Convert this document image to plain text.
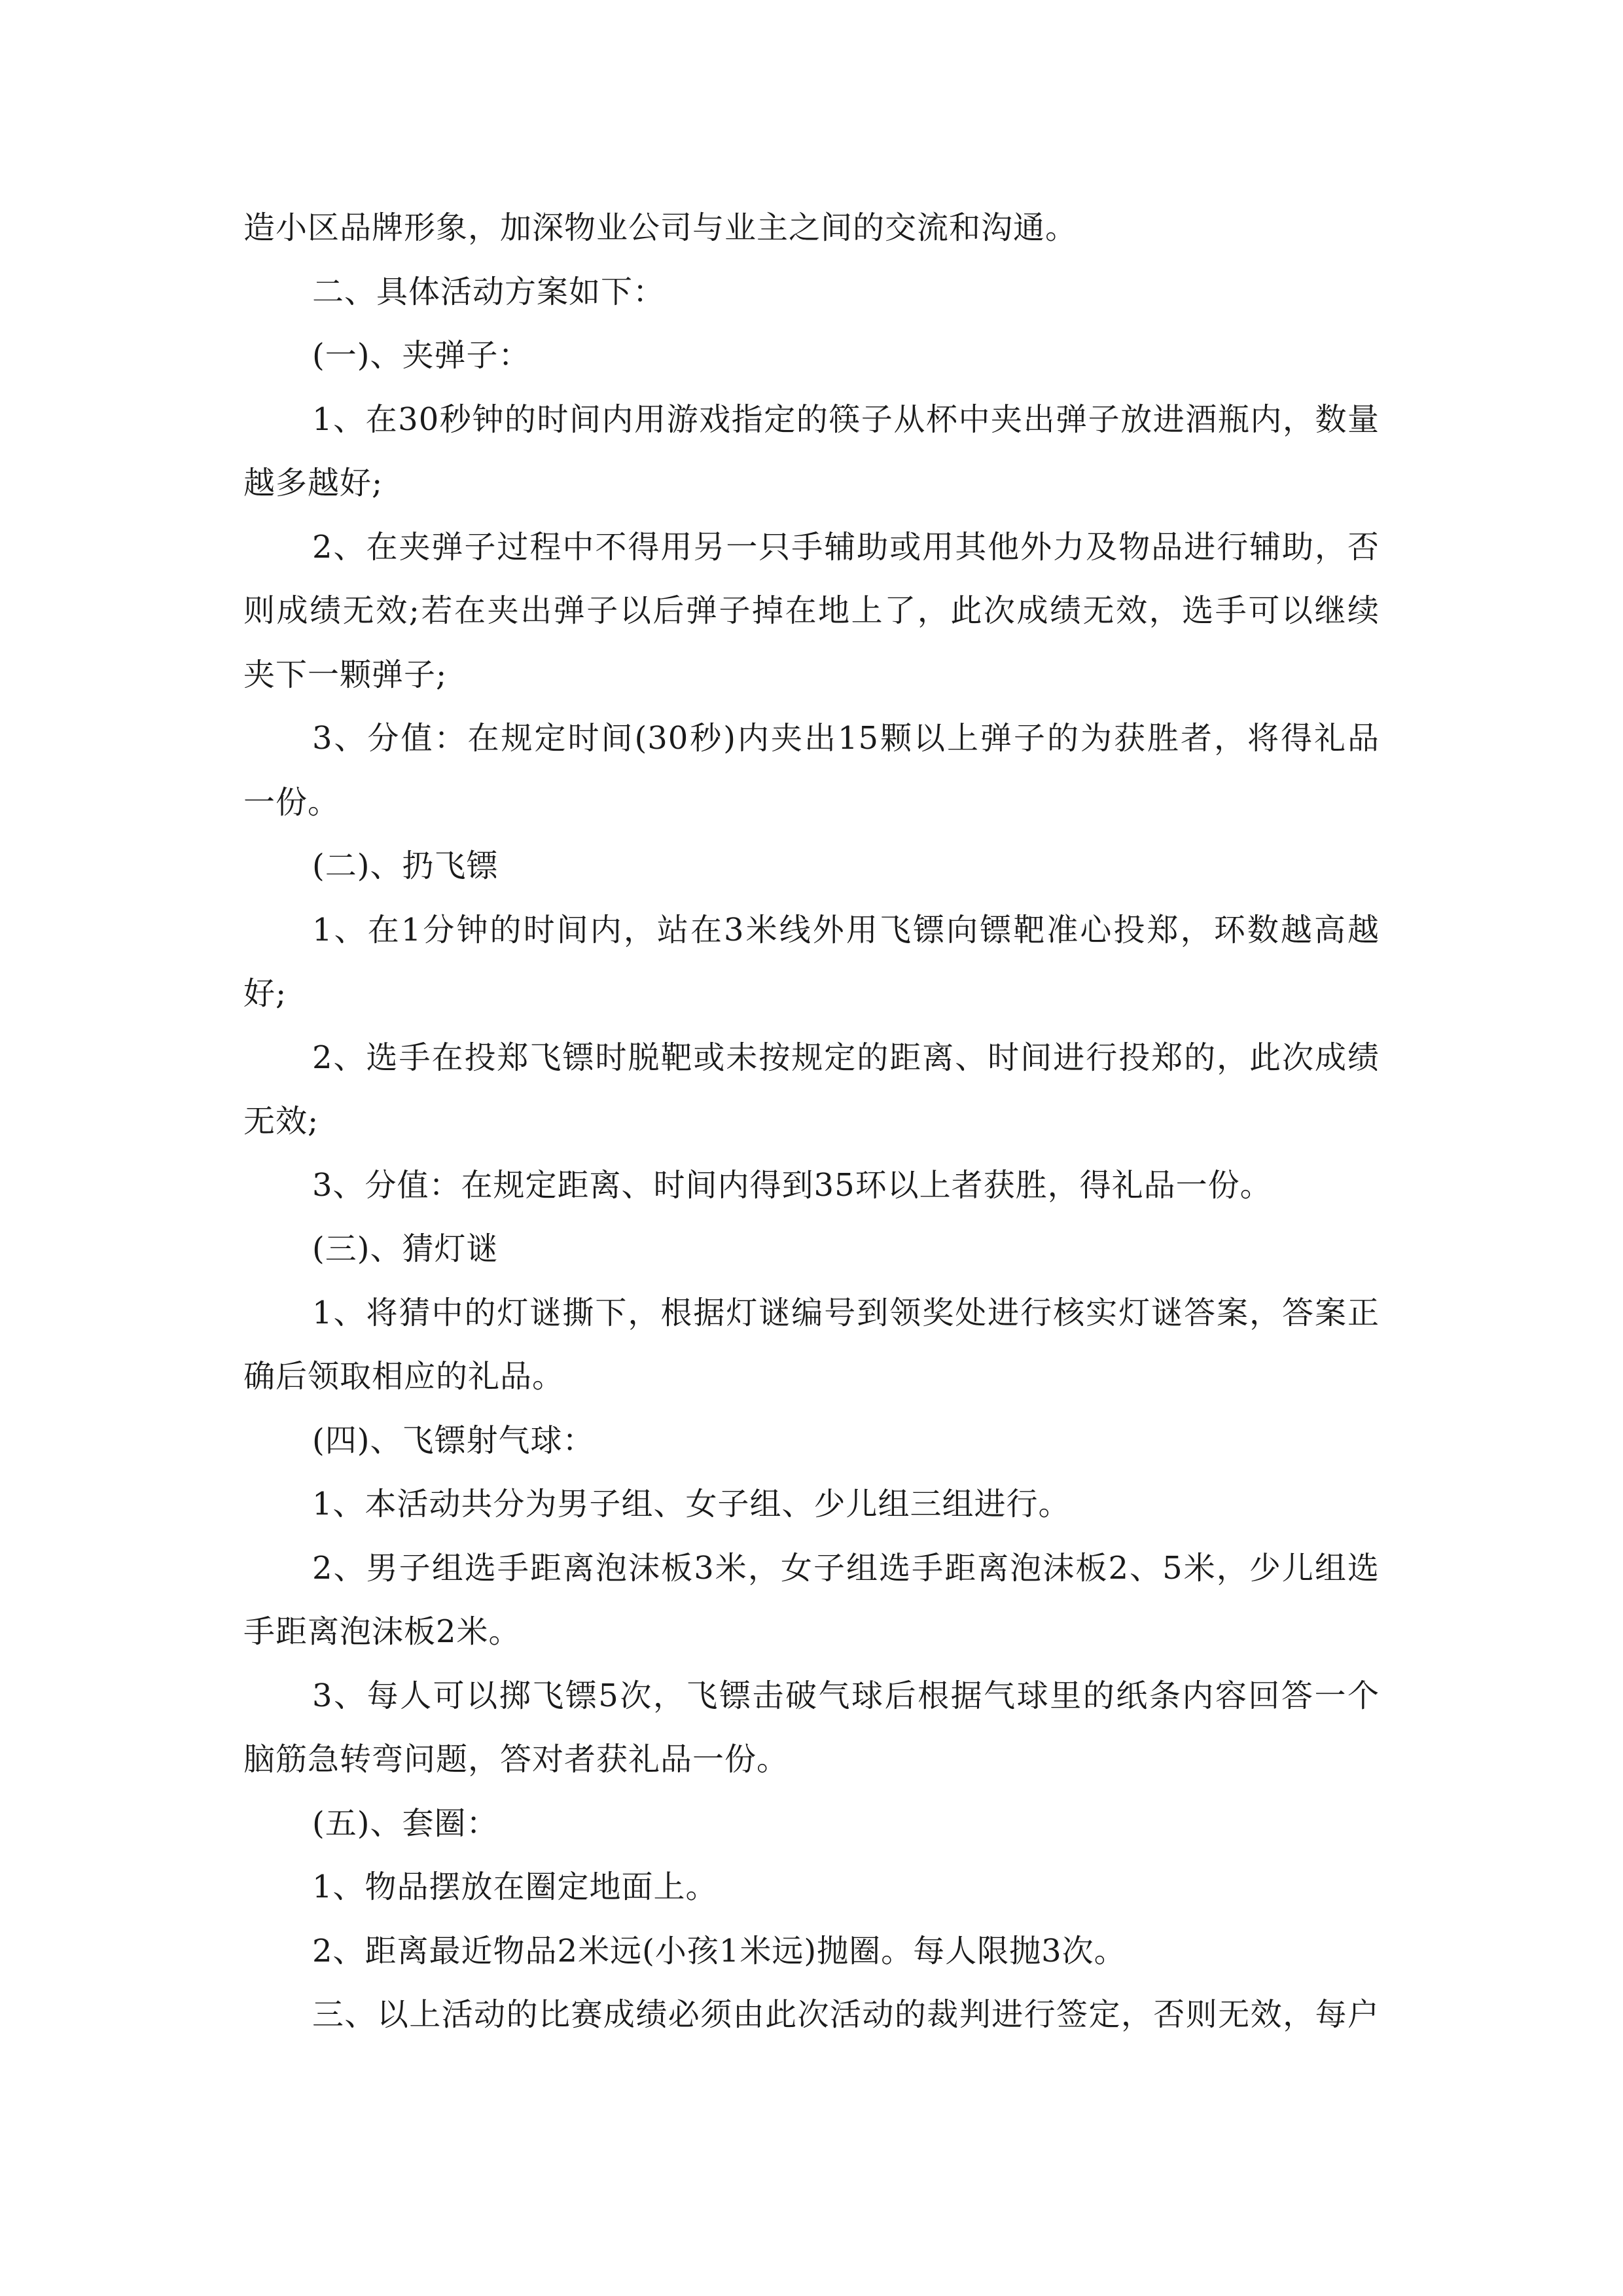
造小区品牌形象，加深物业公司与业主之间的交流和沟通。
二、具体活动方案如下：
(一)、夹弹子：
1、在30秒钟的时间内用游戏指定的筷子从杯中夹出弹子放进酒瓶内，数量
越多越好;
2、在夹弹子过程中不得用另一只手辅助或用其他外力及物品进行辅助，否
则成绩无效;若在夹出弹子以后弹子掉在地上了，此次成绩无效，选手可以继续
夹下一颗弹子;
3、分值：在规定时间(30秒)内夹出15颗以上弹子的为获胜者，将得礼品
一份。
(二)、扔飞镖
1、在1分钟的时间内，站在3米线外用飞镖向镖靶准心投郑，环数越高越
好;
2、选手在投郑飞镖时脱靶或未按规定的距离、时间进行投郑的，此次成绩
无效;
3、分值：在规定距离、时间内得到35环以上者获胜，得礼品一份。
(三)、猜灯谜
1、将猜中的灯谜撕下，根据灯谜编号到领奖处进行核实灯谜答案，答案正
确后领取相应的礼品。
(四)、飞镖射气球：
1、本活动共分为男子组、女子组、少儿组三组进行。
2、男子组选手距离泡沫板3米，女子组选手距离泡沫板2、5米，少儿组选
手距离泡沫板2米。
3、每人可以掷飞镖5次，飞镖击破气球后根据气球里的纸条内容回答一个
脑筋急转弯问题，答对者获礼品一份。
(五)、套圈：
1、物品摆放在圈定地面上。
2、距离最近物品2米远(小孩1米远)抛圈。每人限抛3次。
三、以上活动的比赛成绩必须由此次活动的裁判进行签定，否则无效，每户
